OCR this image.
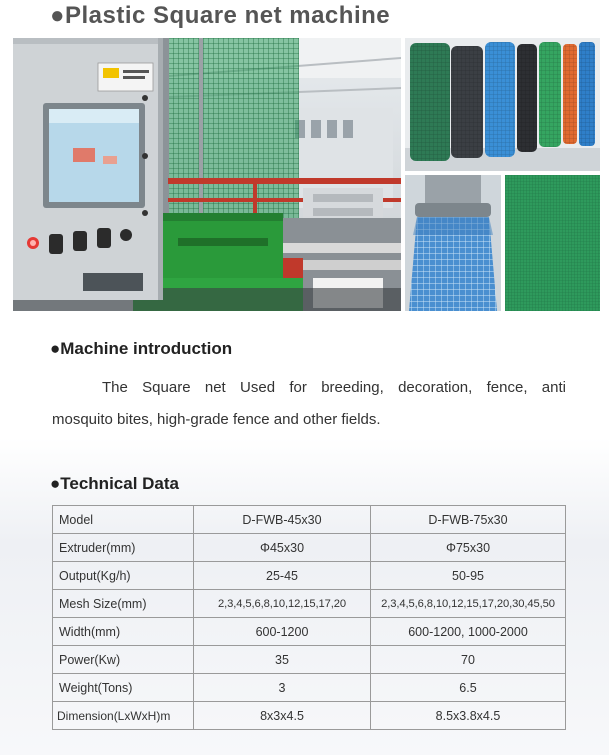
●Plastic Square net machine
●Machine introduction
The Square net Used for breeding, decoration, fence, anti
mosquito bites, high-grade fence and other fields.
●Technical Data
Model	D-FWB-45x30	D-FWB-75x30
Extruder(mm)	Φ45x30	Φ75x30
Output(Kg/h)	25-45	50-95
Mesh Size(mm)	2,3,4,5,6,8,10,12,15,17,20	2,3,4,5,6,8,10,12,15,17,20,30,45,50
Width(mm)	600-1200	600-1200, 1000-2000
Power(Kw)	35	70
Weight(Tons)	3	6.5
Dimension(LxWxH)m	8x3x4.5	8.5x3.8x4.5
